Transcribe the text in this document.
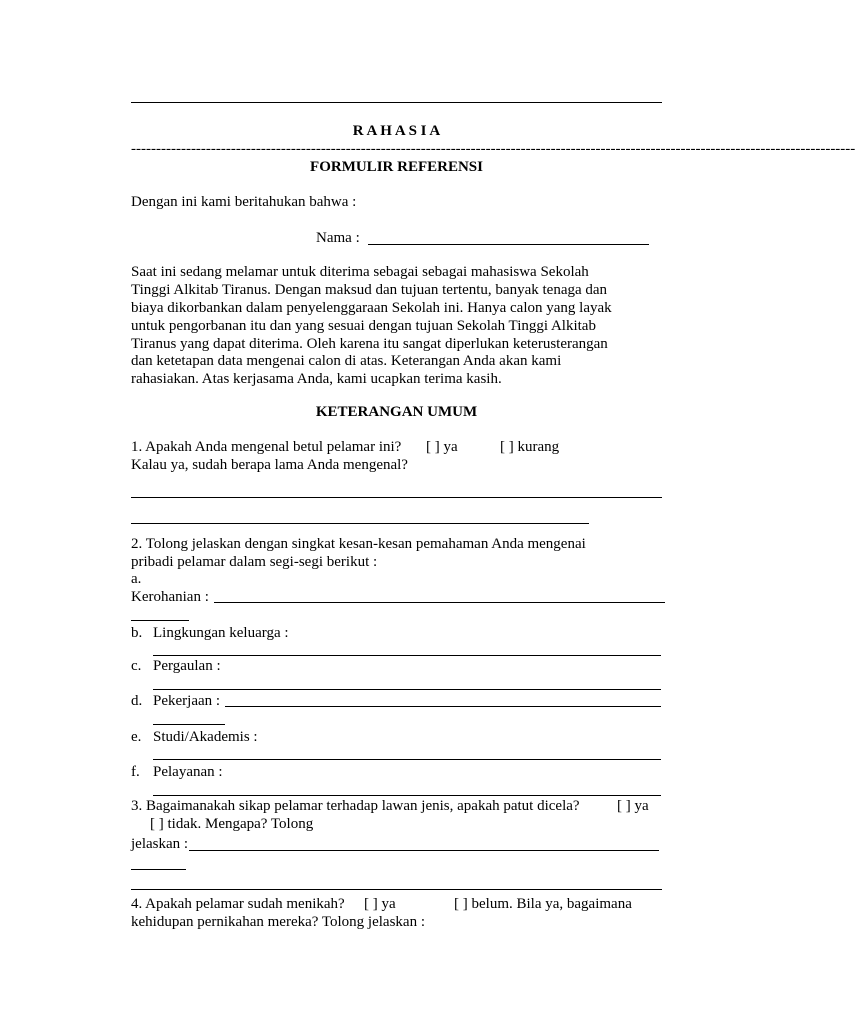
R A H A S I A
-------------------------------------------------------------------------------------------------------------------------------------------------
FORMULIR REFERENSI
Dengan ini kami beritahukan bahwa :
Nama :
Saat ini sedang melamar untuk diterima sebagai sebagai mahasiswa Sekolah
Tinggi Alkitab Tiranus. Dengan maksud dan tujuan tertentu, banyak tenaga dan
biaya dikorbankan dalam penyelenggaraan Sekolah ini. Hanya calon yang layak
untuk pengorbanan itu dan yang sesuai dengan tujuan Sekolah Tinggi Alkitab
Tiranus yang dapat diterima. Oleh karena itu sangat diperlukan keterusterangan
dan ketetapan data mengenai calon di atas. Keterangan Anda akan kami
rahasiakan. Atas kerjasama Anda, kami ucapkan terima kasih.
KETERANGAN UMUM
1. Apakah Anda mengenal betul pelamar ini? [ ] ya	[ ] kurang
Kalau ya, sudah berapa lama Anda mengenal?
2. Tolong jelaskan dengan singkat kesan-kesan pemahaman Anda mengenai
pribadi pelamar dalam segi-segi berikut :
a.
Kerohanian :
b. Lingkungan keluarga :
c. Pergaulan :
d. Pekerjaan :
e. Studi/Akademis :
f. Pelayanan :
3. Bagaimanakah sikap pelamar terhadap lawan jenis, apakah patut dicela? [ ] ya
[ ] tidak. Mengapa? Tolong
jelaskan :
4. Apakah pelamar sudah menikah? [ ] ya	[ ] belum. Bila ya, bagaimana
kehidupan pernikahan mereka? Tolong jelaskan :
